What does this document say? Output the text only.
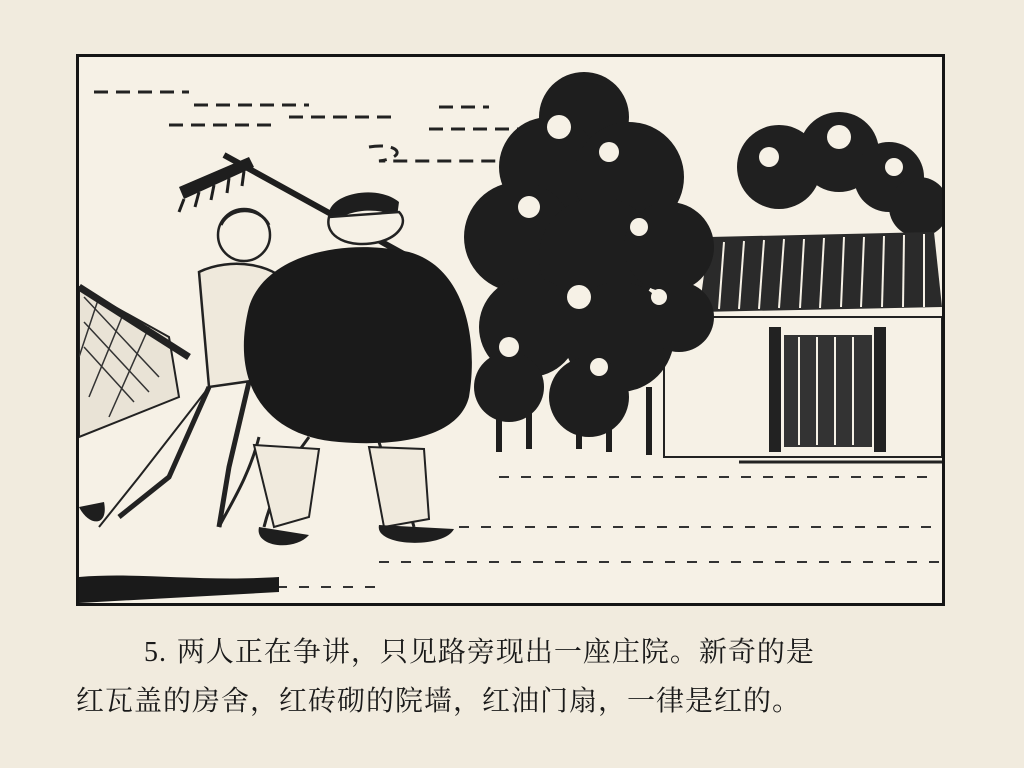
5. 两人正在争讲，只见路旁现出一座庄院。新奇的是
红瓦盖的房舍，红砖砌的院墙，红油门扇，一律是红的。
